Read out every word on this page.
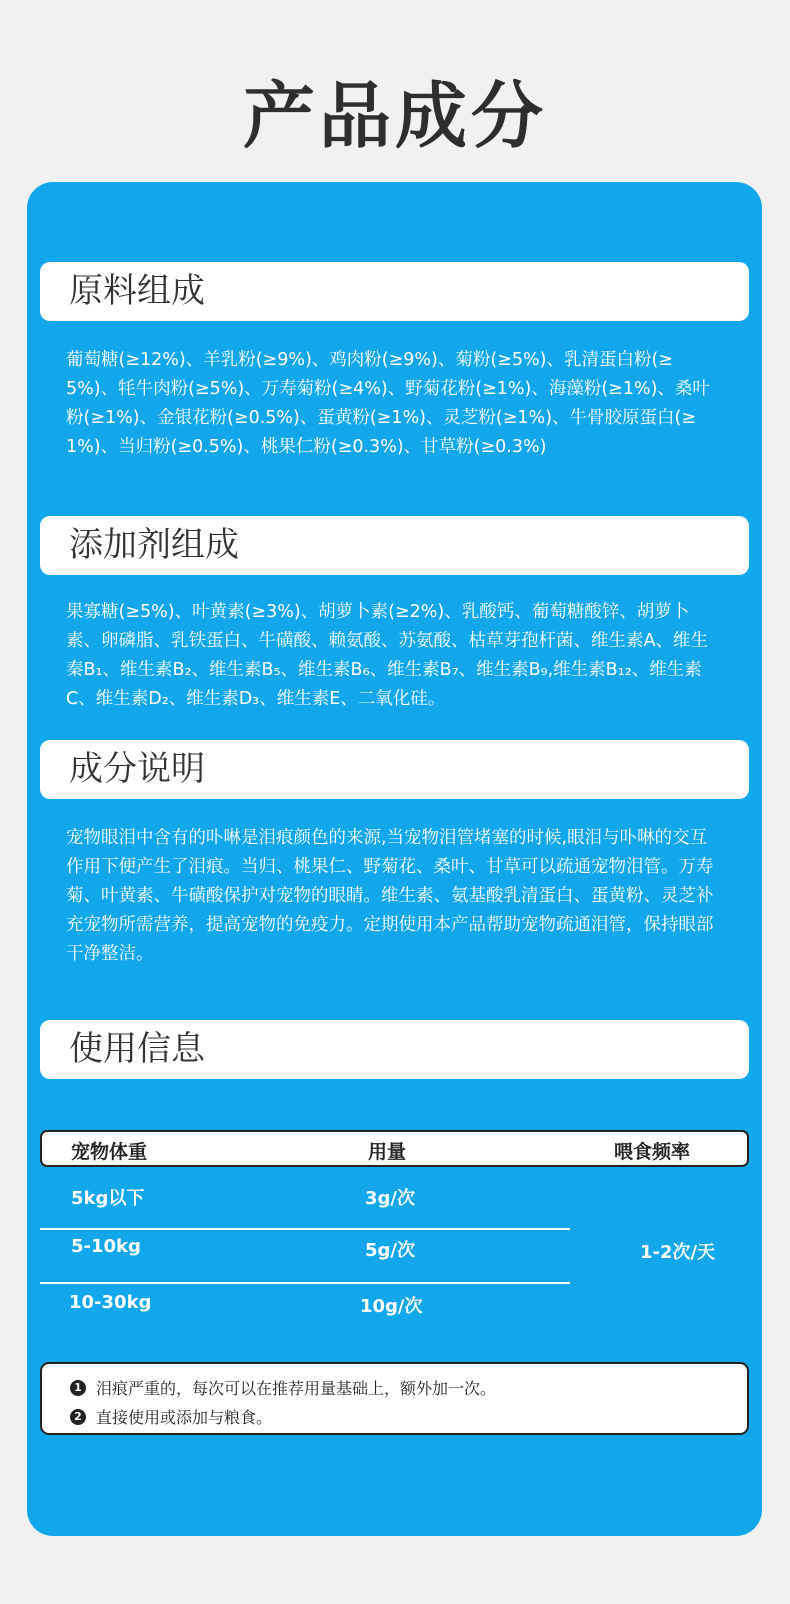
产品成分
原料组成
葡萄糖(≥12%)、羊乳粉(≥9%)、鸡肉粉(≥9%)、菊粉(≥5%)、乳清蛋白粉(≥5%)、牦牛肉粉(≥5%)、万寿菊粉(≥4%)、野菊花粉(≥1%)、海藻粉(≥1%)、桑叶粉(≥1%)、金银花粉(≥0.5%)、蛋黄粉(≥1%)、灵芝粉(≥1%)、牛骨胶原蛋白(≥1%)、当归粉(≥0.5%)、桃果仁粉(≥0.3%)、甘草粉(≥0.3%)
添加剂组成
果寡糖(≥5%)、叶黄素(≥3%)、胡萝卜素(≥2%)、乳酸钙、葡萄糖酸锌、胡萝卜素、卵磷脂、乳铁蛋白、牛磺酸、赖氨酸、苏氨酸、枯草芽孢杆菌、维生素A、维生秦B₁、维生素B₂、维生素B₅、维生素B₆、维生素B₇、维生素B₉,维生素B₁₂、维生素C、维生素D₂、维生素D₃、维生素E、二氧化硅。
成分说明
宠物眼泪中含有的卟啉是泪痕颜色的来源,当宠物泪管堵塞的时候,眼泪与卟啉的交互作用下便产生了泪痕。当归、桃果仁、野菊花、桑叶、甘草可以疏通宠物泪管。万寿菊、叶黄素、牛磺酸保护对宠物的眼睛。维生素、氨基酸乳清蛋白、蛋黄粉、灵芝补充宠物所需营养，提高宠物的免疫力。定期使用本产品帮助宠物疏通泪管，保持眼部干净整洁。
使用信息
宠物体重	用量	喂食频率
5kg以下	3g/次
5-10kg	5g/次
10-30kg	10g/次
1-2次/天
1 泪痕严重的，每次可以在推荐用量基础上，额外加一次。
2 直接使用或添加与粮食。
